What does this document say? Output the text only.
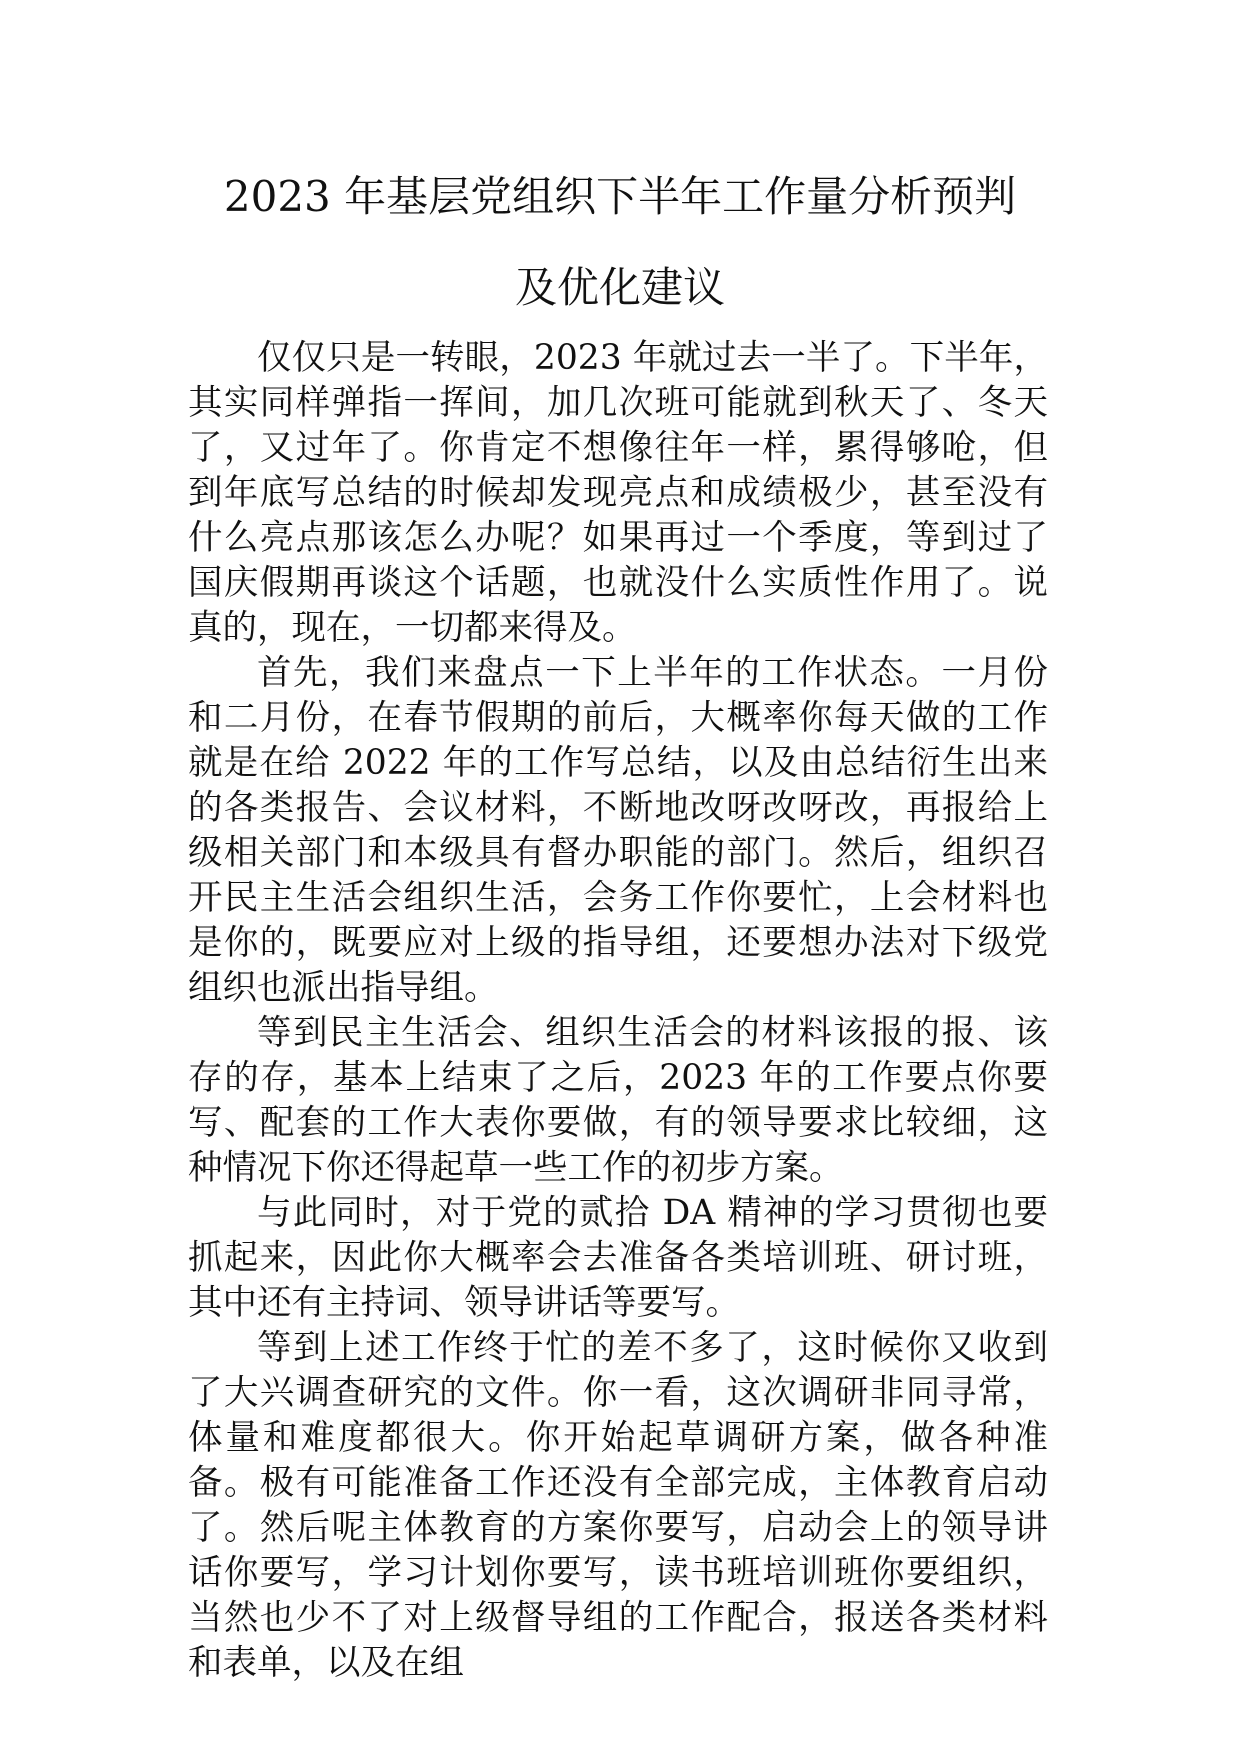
2023 年基层党组织下半年工作量分析预判
及优化建议

仅仅只是一转眼，2023 年就过去一半了。下半年，其实同样弹指一挥间，加几次班可能就到秋天了、冬天了，又过年了。你肯定不想像往年一样，累得够呛，但到年底写总结的时候却发现亮点和成绩极少，甚至没有什么亮点那该怎么办呢？如果再过一个季度，等到过了国庆假期再谈这个话题，也就没什么实质性作用了。说真的，现在，一切都来得及。

首先，我们来盘点一下上半年的工作状态。一月份和二月份，在春节假期的前后，大概率你每天做的工作就是在给 2022 年的工作写总结，以及由总结衍生出来的各类报告、会议材料，不断地改呀改呀改，再报给上级相关部门和本级具有督办职能的部门。然后，组织召开民主生活会组织生活，会务工作你要忙，上会材料也是你的，既要应对上级的指导组，还要想办法对下级党组织也派出指导组。

等到民主生活会、组织生活会的材料该报的报、该存的存，基本上结束了之后，2023 年的工作要点你要写、配套的工作大表你要做，有的领导要求比较细，这种情况下你还得起草一些工作的初步方案。

与此同时，对于党的贰拾 DA 精神的学习贯彻也要抓起来，因此你大概率会去准备各类培训班、研讨班，其中还有主持词、领导讲话等要写。

等到上述工作终于忙的差不多了，这时候你又收到了大兴调查研究的文件。你一看，这次调研非同寻常，体量和难度都很大。你开始起草调研方案，做各种准备。极有可能准备工作还没有全部完成，主体教育启动了。然后呢主体教育的方案你要写，启动会上的领导讲话你要写，学习计划你要写，读书班培训班你要组织，当然也少不了对上级督导组的工作配合，报送各类材料和表单，以及在组
